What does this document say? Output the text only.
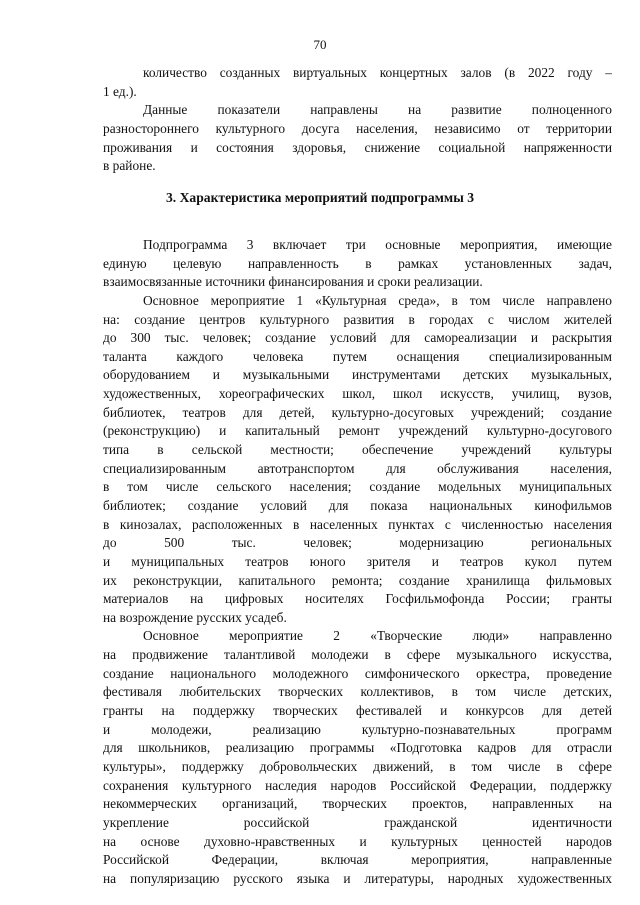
70
количество созданных виртуальных концертных залов (в 2022 году –
1 ед.).
Данные показатели направлены на развитие полноценного
разностороннего культурного досуга населения, независимо от территории
проживания и состояния здоровья, снижение социальной напряженности
в районе.
3. Характеристика мероприятий подпрограммы 3
Подпрограмма 3 включает три основные мероприятия, имеющие
единую целевую направленность в рамках установленных задач,
взаимосвязанные источники финансирования и сроки реализации.
Основное мероприятие 1 «Культурная среда», в том числе направлено
на: создание центров культурного развития в городах с числом жителей
до 300 тыс. человек; создание условий для самореализации и раскрытия
таланта каждого человека путем оснащения специализированным
оборудованием и музыкальными инструментами детских музыкальных,
художественных, хореографических школ, школ искусств, училищ, вузов,
библиотек, театров для детей, культурно-досуговых учреждений; создание
(реконструкцию) и капитальный ремонт учреждений культурно-досугового
типа в сельской местности; обеспечение учреждений культуры
специализированным автотранспортом для обслуживания населения,
в том числе сельского населения; создание модельных муниципальных
библиотек; создание условий для показа национальных кинофильмов
в кинозалах, расположенных в населенных пунктах с численностью населения
до 500 тыс. человек; модернизацию региональных
и муниципальных театров юного зрителя и театров кукол путем
их реконструкции, капитального ремонта; создание хранилища фильмовых
материалов на цифровых носителях Госфильмофонда России; гранты
на возрождение русских усадеб.
Основное мероприятие 2 «Творческие люди» направленно
на продвижение талантливой молодежи в сфере музыкального искусства,
создание национального молодежного симфонического оркестра, проведение
фестиваля любительских творческих коллективов, в том числе детских,
гранты на поддержку творческих фестивалей и конкурсов для детей
и молодежи, реализацию культурно-познавательных программ
для школьников, реализацию программы «Подготовка кадров для отрасли
культуры», поддержку добровольческих движений, в том числе в сфере
сохранения культурного наследия народов Российской Федерации, поддержку
некоммерческих организаций, творческих проектов, направленных на
укрепление российской гражданской идентичности
на основе духовно-нравственных и культурных ценностей народов
Российской Федерации, включая мероприятия, направленные
на популяризацию русского языка и литературы, народных художественных
